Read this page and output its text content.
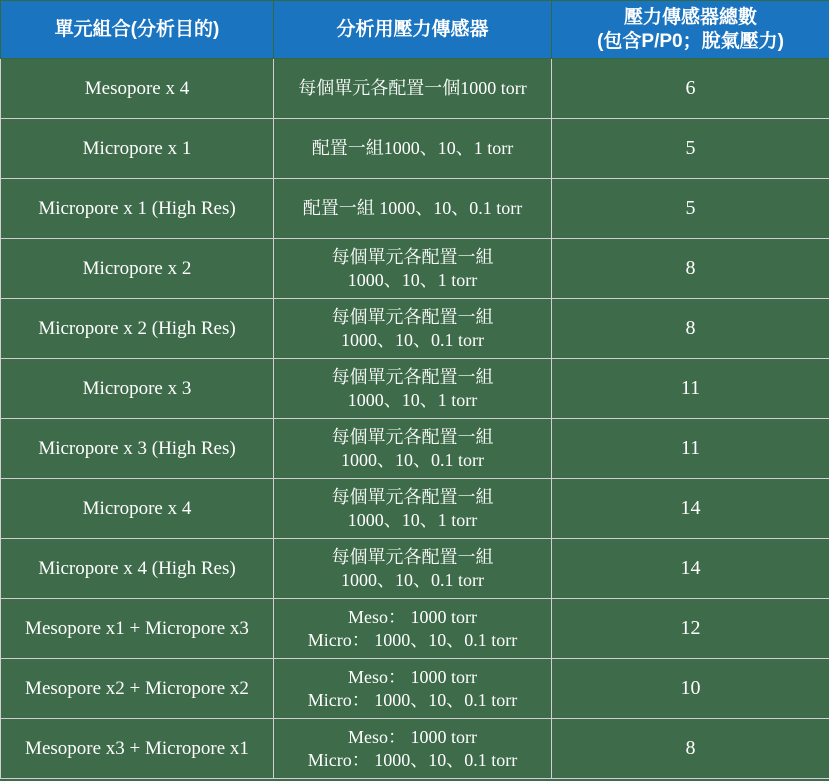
單元組合(分析目的)	分析用壓力傳感器	壓力傳感器總數
(包含P/P0；脫氣壓力)

Mesopore x 4	每個單元各配置一個1000 torr	6
Micropore x 1	配置一組1000、10、1 torr	5
Micropore x 1 (High Res)	配置一組 1000、10、0.1 torr	5
Micropore x 2	每個單元各配置一組
1000、10、1 torr	8
Micropore x 2 (High Res)	每個單元各配置一組
1000、10、0.1 torr	8
Micropore x 3	每個單元各配置一組
1000、10、1 torr	11
Micropore x 3 (High Res)	每個單元各配置一組
1000、10、0.1 torr	11
Micropore x 4	每個單元各配置一組
1000、10、1 torr	14
Micropore x 4 (High Res)	每個單元各配置一組
1000、10、0.1 torr	14
Mesopore x1 + Micropore x3	Meso： 1000 torr
Micro： 1000、10、0.1 torr	12
Mesopore x2 + Micropore x2	Meso： 1000 torr
Micro： 1000、10、0.1 torr	10
Mesopore x3 + Micropore x1	Meso： 1000 torr
Micro： 1000、10、0.1 torr	8
